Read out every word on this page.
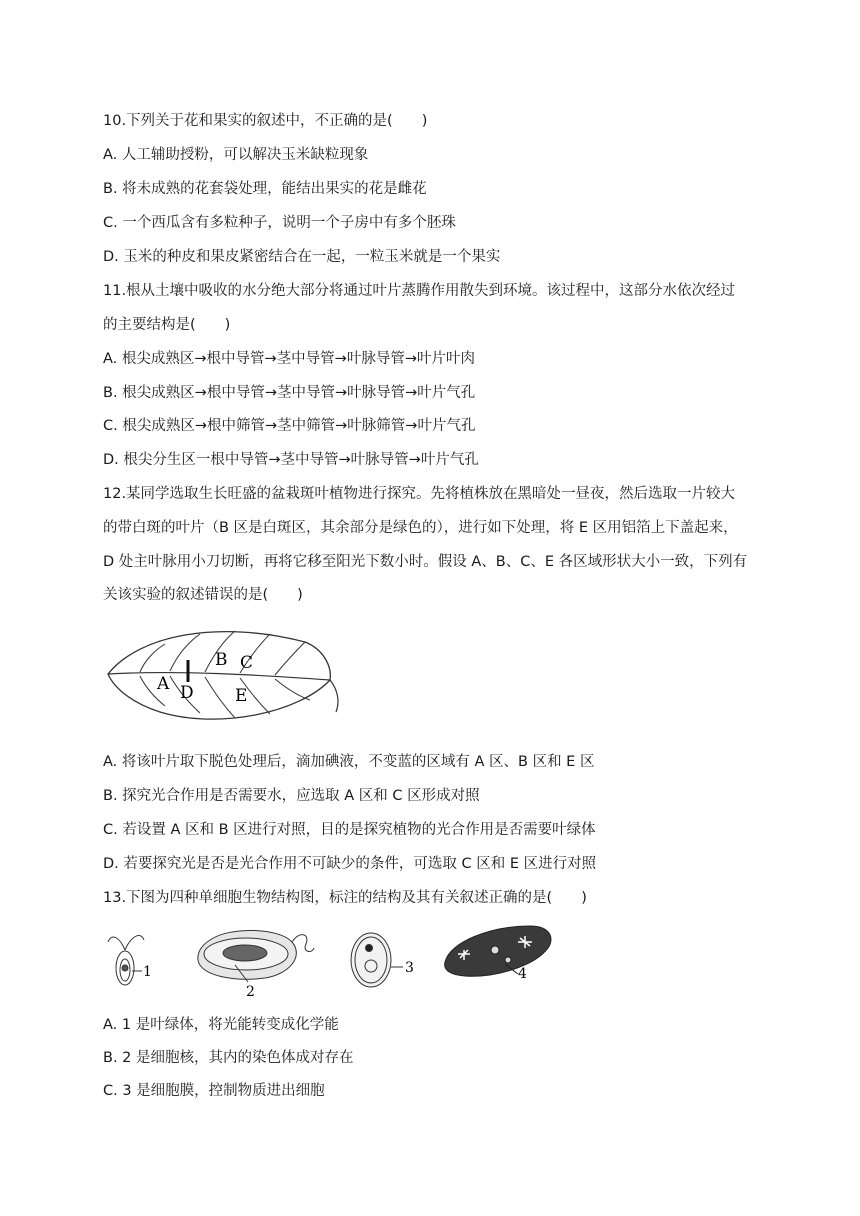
10.下列关于花和果实的叙述中，不正确的是(　　)
A. 人工辅助授粉，可以解决玉米缺粒现象
B. 将未成熟的花套袋处理，能结出果实的花是雌花
C. 一个西瓜含有多粒种子，说明一个子房中有多个胚珠
D. 玉米的种皮和果皮紧密结合在一起，一粒玉米就是一个果实
11.根从土壤中吸收的水分绝大部分将通过叶片蒸腾作用散失到环境。该过程中，这部分水依次经过
的主要结构是(　　)
A. 根尖成熟区→根中导管→茎中导管→叶脉导管→叶片叶肉
B. 根尖成熟区→根中导管→茎中导管→叶脉导管→叶片气孔
C. 根尖成熟区→根中筛管→茎中筛管→叶脉筛管→叶片气孔
D. 根尖分生区一根中导管→茎中导管→叶脉导管→叶片气孔
12.某同学选取生长旺盛的盆栽斑叶植物进行探究。先将植株放在黑暗处一昼夜，然后选取一片较大
的带白斑的叶片（B 区是白斑区，其余部分是绿色的），进行如下处理，将 E 区用铝箔上下盖起来，
D 处主叶脉用小刀切断，再将它移至阳光下数小时。假设 A、B、C、E 各区域形状大小一致，下列有
关该实验的叙述错误的是(　　)
B C
A D E
A. 将该叶片取下脱色处理后，滴加碘液，不变蓝的区域有 A 区、B 区和 E 区
B. 探究光合作用是否需要水，应选取 A 区和 C 区形成对照
C. 若设置 A 区和 B 区进行对照，目的是探究植物的光合作用是否需要叶绿体
D. 若要探究光是否是光合作用不可缺少的条件，可选取 C 区和 E 区进行对照
13.下图为四种单细胞生物结构图，标注的结构及其有关叙述正确的是(　　)
1
2
3	4
A. 1 是叶绿体，将光能转变成化学能
B. 2 是细胞核，其内的染色体成对存在
C. 3 是细胞膜，控制物质进出细胞
